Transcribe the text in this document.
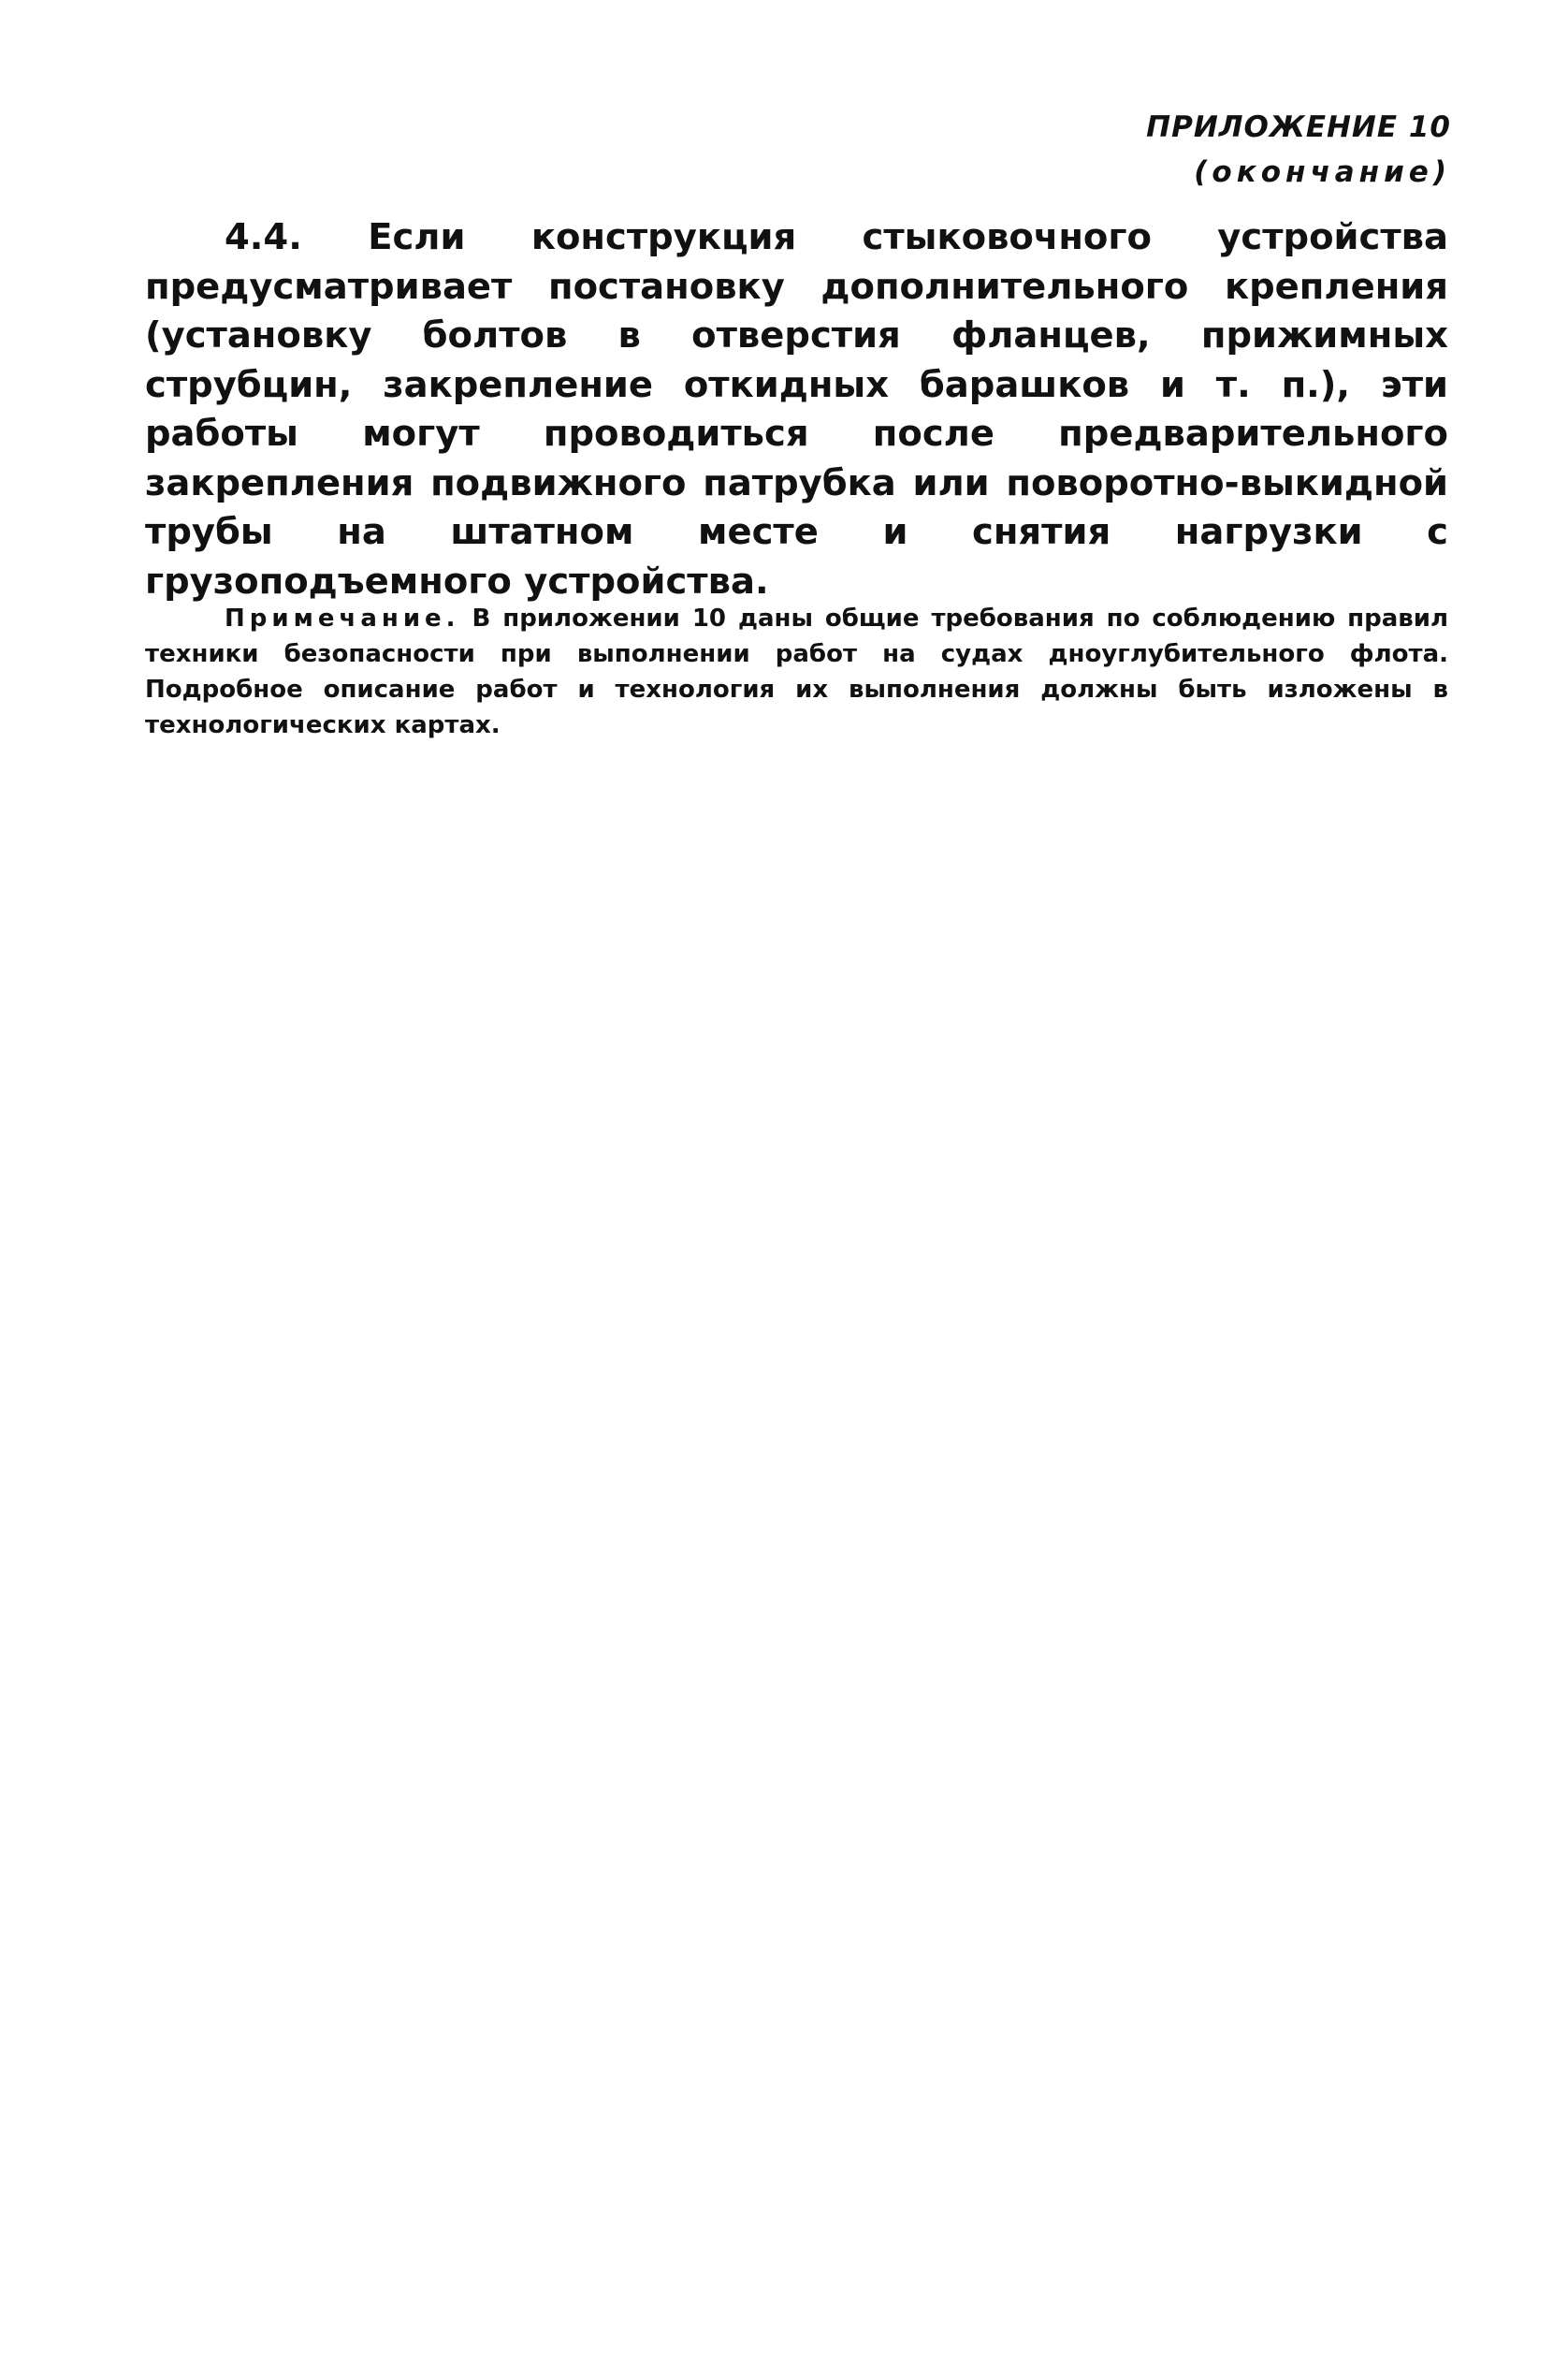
ПРИЛОЖЕНИЕ 10
(окончание)

4.4. Если конструкция стыковочного устройства предусматривает постановку дополнительного крепления (установку болтов в отверстия фланцев, прижимных струбцин, закрепление откидных барашков и т. п.), эти работы могут проводиться после предварительного закрепления подвижного патрубка или поворотно-выкидной трубы на штатном месте и снятия нагрузки с грузоподъемного устройства.

Примечание. В приложении 10 даны общие требования по соблюдению правил техники безопасности при выполнении работ на судах дноуглубительного флота. Подробное описание работ и технология их выполнения должны быть изложены в технологических картах.
